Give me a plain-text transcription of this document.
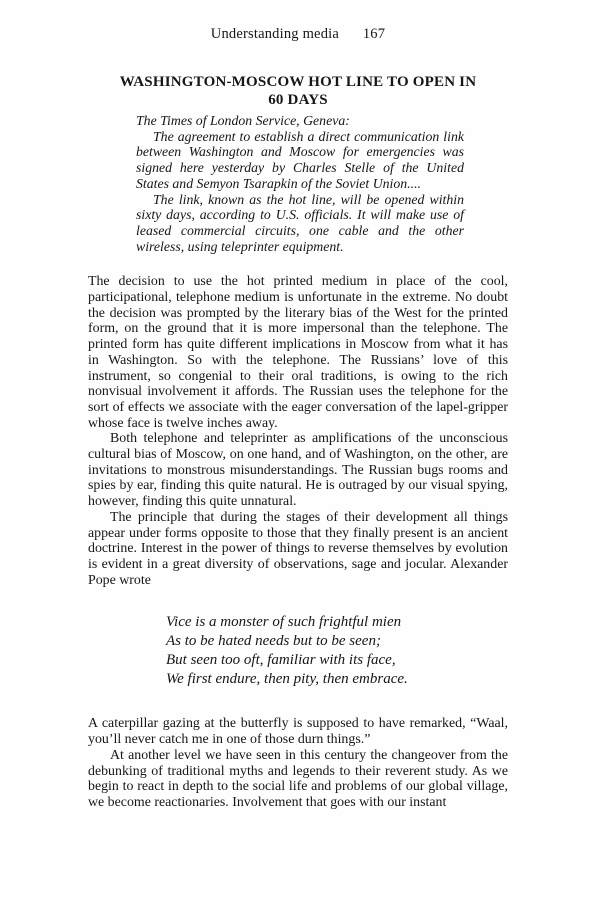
Understanding media 167
WASHINGTON-MOSCOW HOT LINE TO OPEN IN
60 DAYS

The Times of London Service, Geneva:

The agreement to establish a direct communication link between Washington and Moscow for emergencies was signed here yesterday by Charles Stelle of the United States and Semyon Tsarapkin of the Soviet Union....

The link, known as the hot line, will be opened within sixty days, according to U.S. officials. It will make use of leased commercial circuits, one cable and the other wireless, using teleprinter equipment.

The decision to use the hot printed medium in place of the cool, participational, telephone medium is unfortunate in the extreme. No doubt the decision was prompted by the literary bias of the West for the printed form, on the ground that it is more impersonal than the telephone. The printed form has quite different implications in Moscow from what it has in Washington. So with the telephone. The Russians’ love of this instrument, so congenial to their oral traditions, is owing to the rich nonvisual involvement it affords. The Russian uses the telephone for the sort of effects we associate with the eager conversation of the lapel-gripper whose face is twelve inches away.

Both telephone and teleprinter as amplifications of the unconscious cultural bias of Moscow, on one hand, and of Washington, on the other, are invitations to monstrous misunderstandings. The Russian bugs rooms and spies by ear, finding this quite natural. He is outraged by our visual spying, however, finding this quite unnatural.

The principle that during the stages of their development all things appear under forms opposite to those that they finally present is an ancient doctrine. Interest in the power of things to reverse themselves by evolution is evident in a great diversity of observations, sage and jocular. Alexander Pope wrote

Vice is a monster of such frightful mien

As to be hated needs but to be seen;

But seen too oft, familiar with its face,

We first endure, then pity, then embrace.

A caterpillar gazing at the butterfly is supposed to have remarked, “Waal, you’ll never catch me in one of those durn things.”

At another level we have seen in this century the changeover from the debunking of traditional myths and legends to their reverent study. As we begin to react in depth to the social life and problems of our global village, we become reactionaries. Involvement that goes with our instant
